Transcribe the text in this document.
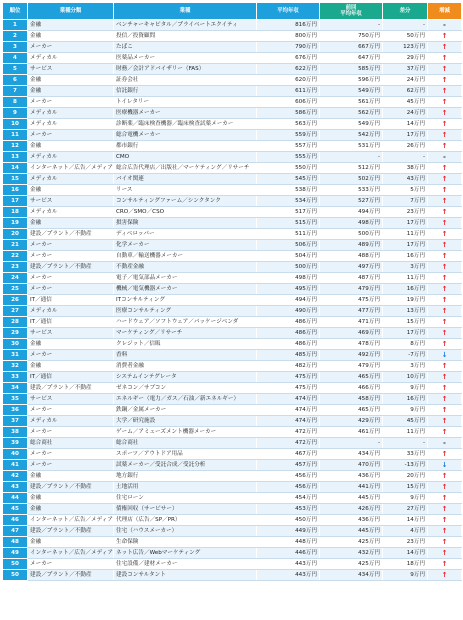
順位	業種分類	業種	平均年収	前回
平均年収	差分	増減
1	金融	ベンチャーキャピタル／プライベートエクイティ	816万円	-	-	-
2	金融	投信／投資顧問	800万円	750万円	50万円	↑
3	メーカー	たばこ	790万円	667万円	123万円	↑
4	メディカル	医薬品メーカー	676万円	647万円	29万円	↑
5	サービス	財務／会計アドバイザリー（FAS）	622万円	585万円	37万円	↑
6	金融	証券会社	620万円	596万円	24万円	↑
7	金融	信託銀行	611万円	549万円	62万円	↑
8	メーカー	トイレタリー	606万円	561万円	45万円	↑
9	メディカル	医療機器メーカー	586万円	562万円	24万円	↑
10	メディカル	診断薬／臨床検査機器／臨床検査試薬メーカー	563万円	549万円	14万円	↑
11	メーカー	総合電機メーカー	559万円	542万円	17万円	↑
12	金融	都市銀行	557万円	531万円	26万円	↑
13	メディカル	CMO	555万円	-	-	-
14	インターネット／広告／メディア	総合広告代理店／出版社／マーケティング／リサーチ	550万円	512万円	38万円	↑
15	メディカル	バイオ関連	545万円	502万円	43万円	↑
16	金融	リース	538万円	533万円	5万円	↑
17	サービス	コンサルティングファーム／シンクタンク	534万円	527万円	7万円	↑
18	メディカル	CRO／SMO／CSO	517万円	494万円	23万円	↑
19	金融	損害保険	515万円	498万円	17万円	↑
20	建設／プラント／不動産	ディベロッパー	511万円	500万円	11万円	↑
21	メーカー	化学メーカー	506万円	489万円	17万円	↑
22	メーカー	自動車／輸送機器メーカー	504万円	488万円	16万円	↑
23	建設／プラント／不動産	不動産金融	500万円	497万円	3万円	↑
24	メーカー	電子／電気部品メーカー	498万円	487万円	11万円	↑
25	メーカー	機械／電気機器メーカー	495万円	479万円	16万円	↑
26	IT／通信	ITコンサルティング	494万円	475万円	19万円	↑
27	メディカル	医療コンサルティング	490万円	477万円	13万円	↑
28	IT／通信	ハードウェア／ソフトウェア／パッケージベンダ	486万円	471万円	15万円	↑
29	サービス	マーケティング／リサーチ	486万円	469万円	17万円	↑
30	金融	クレジット／信販	486万円	478万円	8万円	↑
31	メーカー	香料	485万円	492万円	-7万円	↓
32	金融	消費者金融	482万円	479万円	3万円	↑
33	IT／通信	システムインテグレータ	475万円	465万円	10万円	↑
34	建設／プラント／不動産	ゼネコン／サブコン	475万円	466万円	9万円	↑
35	サービス	エネルギー（電力／ガス／石油／新エネルギー）	474万円	458万円	16万円	↑
36	メーカー	鉄鋼／金属メーカー	474万円	465万円	9万円	↑
37	メディカル	大学／研究施設	474万円	429万円	45万円	↑
38	メーカー	ゲーム／アミューズメント機器メーカー	472万円	461万円	11万円	↑
39	総合商社	総合商社	472万円	-	-	-
40	メーカー	スポーツ／アウトドア用品	467万円	434万円	33万円	↑
41	メーカー	試薬メーカー／受託合成／受託分析	457万円	470万円	-13万円	↓
42	金融	地方銀行	456万円	436万円	20万円	↑
43	建設／プラント／不動産	土地活用	456万円	441万円	15万円	↑
44	金融	住宅ローン	454万円	445万円	9万円	↑
45	金融	債権回収（サービサー）	453万円	426万円	27万円	↑
46	インターネット／広告／メディア	代理店（広告／SP／PR）	450万円	436万円	14万円	↑
47	建設／プラント／不動産	住宅（ハウスメーカー）	449万円	445万円	4万円	↑
48	金融	生命保険	448万円	425万円	23万円	↑
49	インターネット／広告／メディア	ネット広告／Webマーケティング	446万円	432万円	14万円	↑
50	メーカー	住宅設備／建材メーカー	443万円	425万円	18万円	↑
50	建設／プラント／不動産	建設コンサルタント	443万円	434万円	9万円	↑
